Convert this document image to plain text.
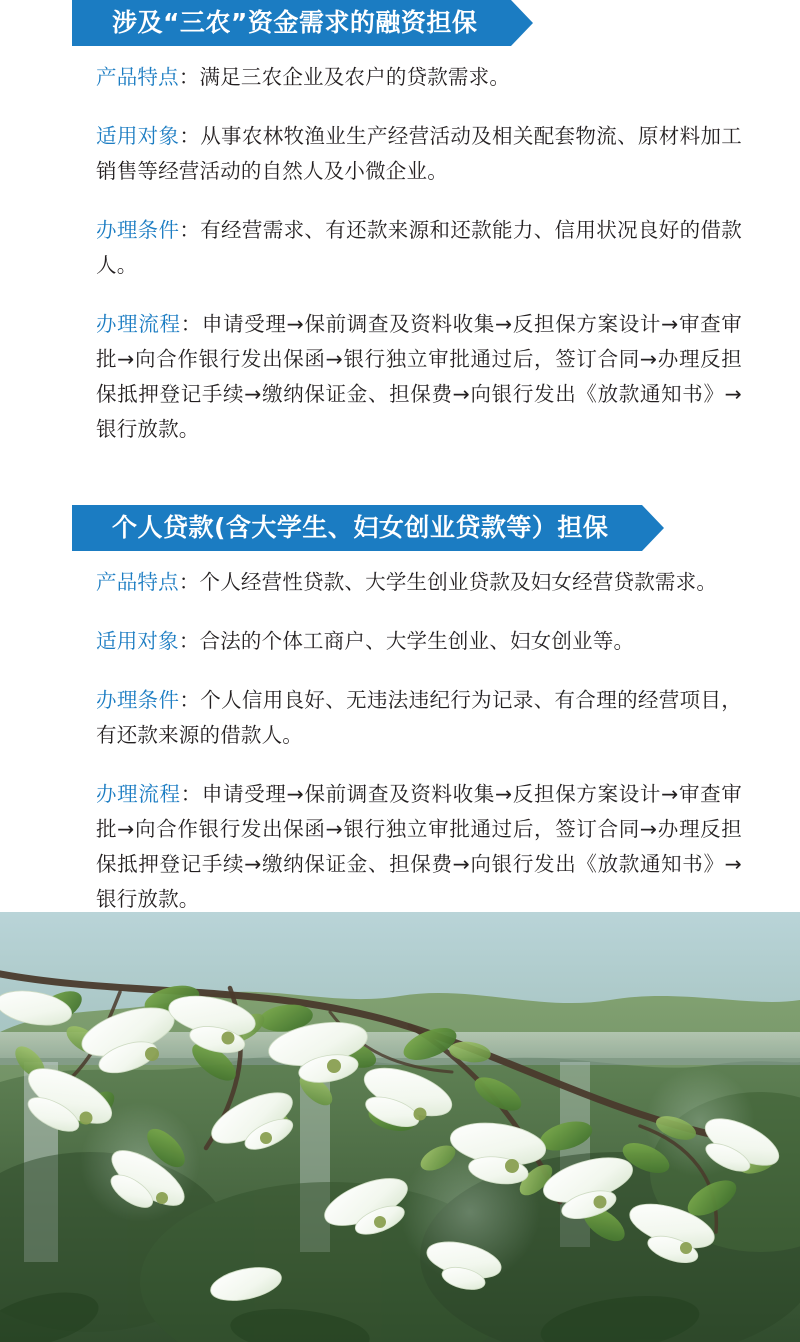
涉及“三农”资金需求的融资担保

产品特点：满足三农企业及农户的贷款需求。

适用对象：从事农林牧渔业生产经营活动及相关配套物流、原材料加工销售等经营活动的自然人及小微企业。

办理条件：有经营需求、有还款来源和还款能力、信用状况良好的借款人。

办理流程：申请受理→保前调查及资料收集→反担保方案设计→审查审批→向合作银行发出保函→银行独立审批通过后，签订合同→办理反担保抵押登记手续→缴纳保证金、担保费→向银行发出《放款通知书》→银行放款。

个人贷款(含大学生、妇女创业贷款等）担保

产品特点：个人经营性贷款、大学生创业贷款及妇女经营贷款需求。

适用对象：合法的个体工商户、大学生创业、妇女创业等。

办理条件：个人信用良好、无违法违纪行为记录、有合理的经营项目，有还款来源的借款人。

办理流程：申请受理→保前调查及资料收集→反担保方案设计→审查审批→向合作银行发出保函→银行独立审批通过后，签订合同→办理反担保抵押登记手续→缴纳保证金、担保费→向银行发出《放款通知书》→银行放款。
